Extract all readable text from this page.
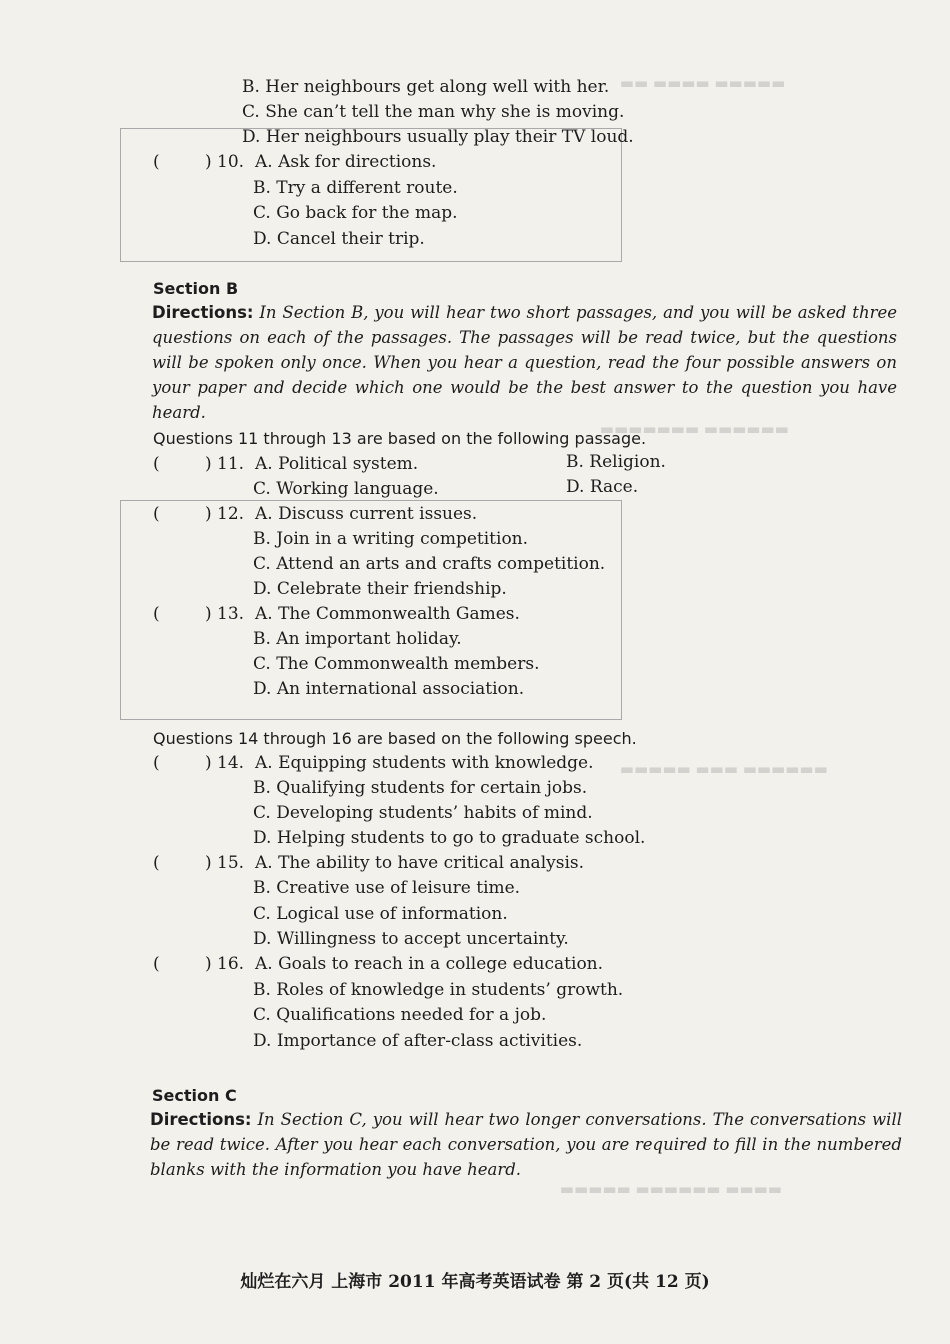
▬▬▬▬▬ ▬▬▬▬ ▬▬
▬▬▬▬▬▬ ▬▬▬▬▬▬▬
▬▬▬▬▬▬ ▬▬▬ ▬▬▬▬▬
▬▬▬▬ ▬▬▬▬▬▬ ▬▬▬▬▬
B. Her neighbours get along well with her.
C. She can’t tell the man why she is moving.
D. Her neighbours usually play their TV loud.
(	) 10. A. Ask for directions.
B. Try a different route.
C. Go back for the map.
D. Cancel their trip.
Section B
Directions: In Section B, you will hear two short passages, and you will be asked three questions on each of the passages. The passages will be read twice, but the questions will be spoken only once. When you hear a question, read the four possible answers on your paper and decide which one would be the best answer to the question you have heard.
Questions 11 through 13 are based on the following passage.
(	) 11. A. Political system.	B. Religion.
C. Working language.	D. Race.
(	) 12. A. Discuss current issues.
B. Join in a writing competition.
C. Attend an arts and crafts competition.
D. Celebrate their friendship.
(	) 13. A. The Commonwealth Games.
B. An important holiday.
C. The Commonwealth members.
D. An international association.
Questions 14 through 16 are based on the following speech.
(	) 14. A. Equipping students with knowledge.
B. Qualifying students for certain jobs.
C. Developing students’ habits of mind.
D. Helping students to go to graduate school.
(	) 15. A. The ability to have critical analysis.
B. Creative use of leisure time.
C. Logical use of information.
D. Willingness to accept uncertainty.
(	) 16. A. Goals to reach in a college education.
B. Roles of knowledge in students’ growth.
C. Qualifications needed for a job.
D. Importance of after-class activities.
Section C
Directions: In Section C, you will hear two longer conversations. The conversations will be read twice. After you hear each conversation, you are required to fill in the numbered blanks with the information you have heard.
灿烂在六月 上海市 2011 年高考英语试卷 第 2 页(共 12 页)
